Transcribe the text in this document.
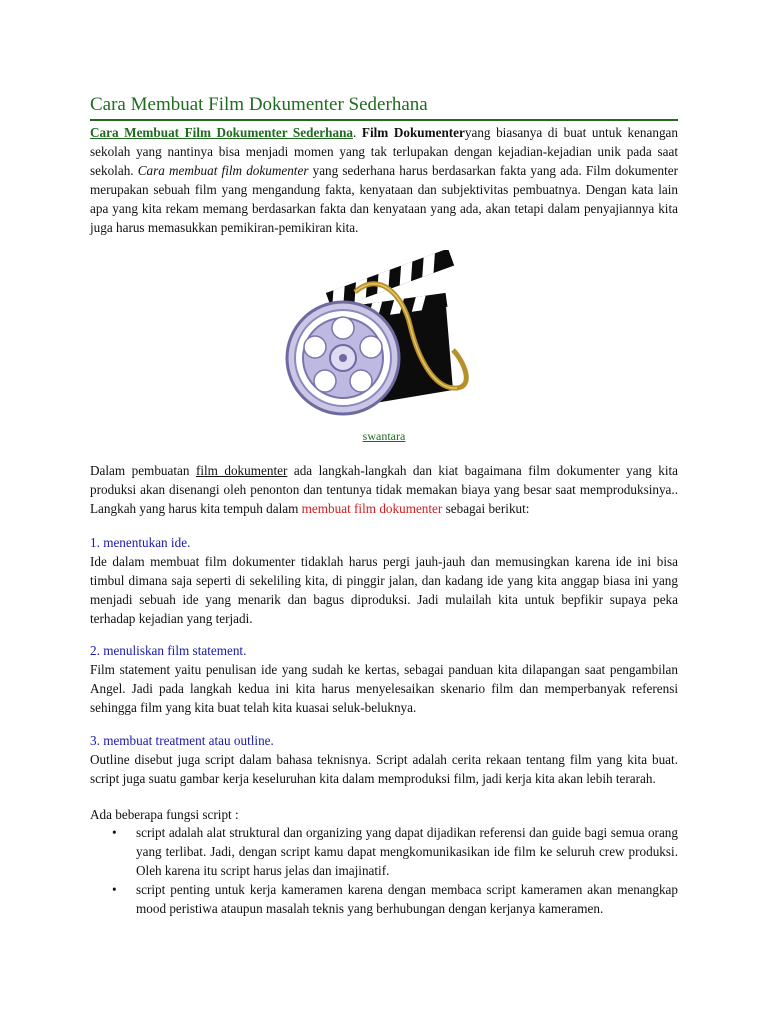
Cara Membuat Film Dokumenter Sederhana

Cara Membuat Film Dokumenter Sederhana. Film Dokumenteryang biasanya di buat untuk kenangan sekolah yang nantinya bisa menjadi momen yang tak terlupakan dengan kejadian-kejadian unik pada saat sekolah. Cara membuat film dokumenter yang sederhana harus berdasarkan fakta yang ada. Film dokumenter merupakan sebuah film yang mengandung fakta, kenyataan dan subjektivitas pembuatnya. Dengan kata lain apa yang kita rekam memang berdasarkan fakta dan kenyataan yang ada, akan tetapi dalam penyajiannya kita juga harus memasukkan pemikiran-pemikiran kita.

swantara

Dalam pembuatan film dokumenter ada langkah-langkah dan kiat bagaimana film dokumenter yang kita produksi akan disenangi oleh penonton dan tentunya tidak memakan biaya yang besar saat memproduksinya.. Langkah yang harus kita tempuh dalam membuat film dokumenter sebagai berikut:

1. menentukan ide.

Ide dalam membuat film dokumenter tidaklah harus pergi jauh-jauh dan memusingkan karena ide ini bisa timbul dimana saja seperti di sekeliling kita, di pinggir jalan, dan kadang ide yang kita anggap biasa ini yang menjadi sebuah ide yang menarik dan bagus diproduksi. Jadi mulailah kita untuk bepfikir supaya peka terhadap kejadian yang terjadi.

2. menuliskan film statement.

Film statement yaitu penulisan ide yang sudah ke kertas, sebagai panduan kita dilapangan saat pengambilan Angel. Jadi pada langkah kedua ini kita harus menyelesaikan skenario film dan memperbanyak referensi sehingga film yang kita buat telah kita kuasai seluk-beluknya.

3. membuat treatment atau outline.

Outline disebut juga script dalam bahasa teknisnya. Script adalah cerita rekaan tentang film yang kita buat. script juga suatu gambar kerja keseluruhan kita dalam memproduksi film, jadi kerja kita akan lebih terarah.

Ada beberapa fungsi script :

• script adalah alat struktural dan organizing yang dapat dijadikan referensi dan guide bagi semua orang yang terlibat. Jadi, dengan script kamu dapat mengkomunikasikan ide film ke seluruh crew produksi. Oleh karena itu script harus jelas dan imajinatif.
• script penting untuk kerja kameramen karena dengan membaca script kameramen akan menangkap mood peristiwa ataupun masalah teknis yang berhubungan dengan kerjanya kameramen.
